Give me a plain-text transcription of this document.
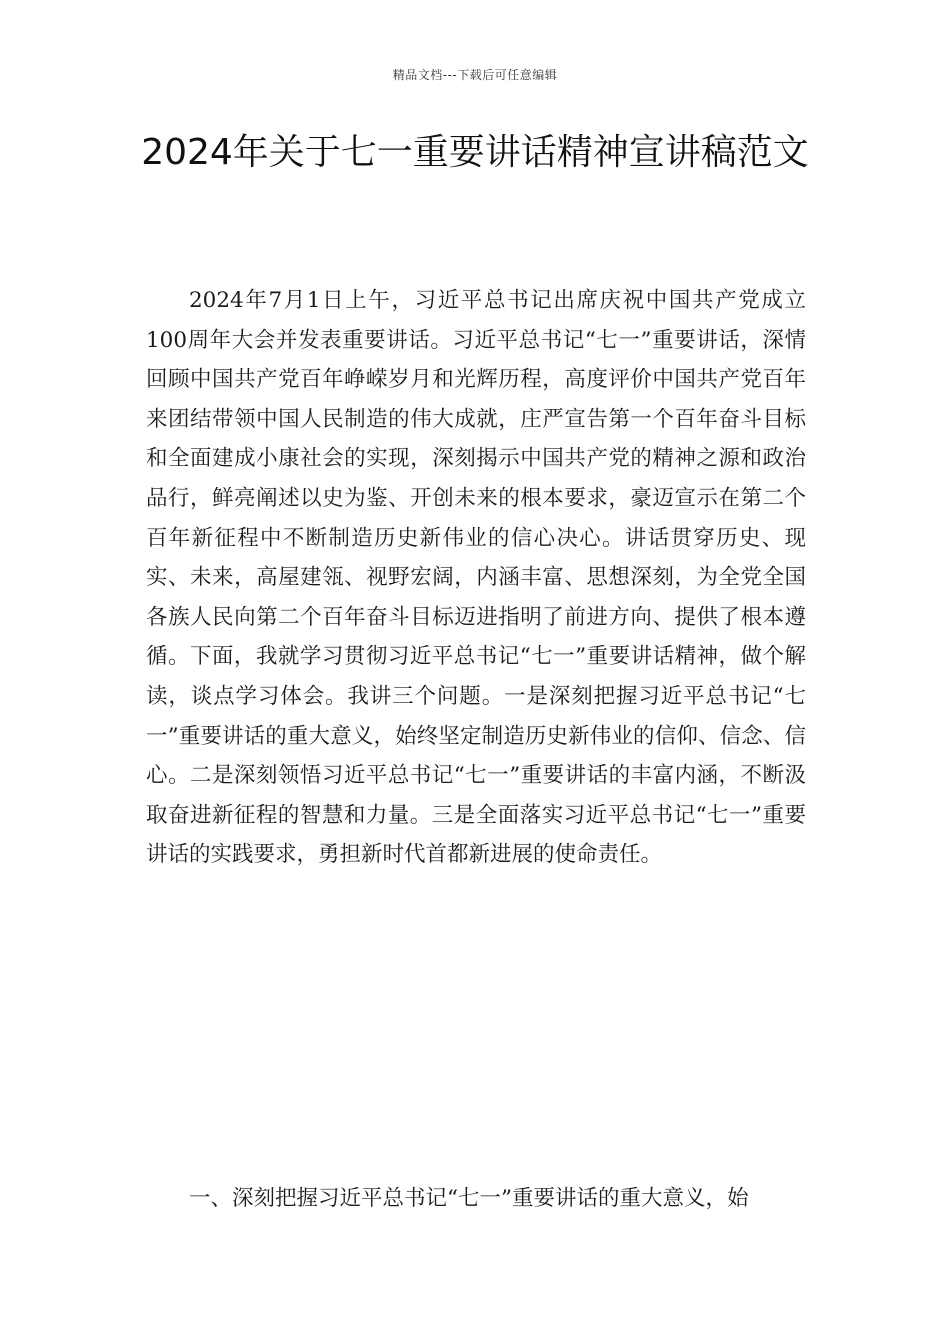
精品文档---下载后可任意编辑
2024年关于七一重要讲话精神宣讲稿范文

2024年7月1日上午，习近平总书记出席庆祝中国共产党成立100周年大会并发表重要讲话。习近平总书记“七一”重要讲话，深情回顾中国共产党百年峥嵘岁月和光辉历程，高度评价中国共产党百年来团结带领中国人民制造的伟大成就，庄严宣告第一个百年奋斗目标和全面建成小康社会的实现，深刻揭示中国共产党的精神之源和政治品行，鲜亮阐述以史为鉴、开创未来的根本要求，豪迈宣示在第二个百年新征程中不断制造历史新伟业的信心决心。讲话贯穿历史、现实、未来，高屋建瓴、视野宏阔，内涵丰富、思想深刻，为全党全国各族人民向第二个百年奋斗目标迈进指明了前进方向、提供了根本遵循。下面，我就学习贯彻习近平总书记“七一”重要讲话精神，做个解读，谈点学习体会。我讲三个问题。一是深刻把握习近平总书记“七一”重要讲话的重大意义，始终坚定制造历史新伟业的信仰、信念、信心。二是深刻领悟习近平总书记“七一”重要讲话的丰富内涵，不断汲取奋进新征程的智慧和力量。三是全面落实习近平总书记“七一”重要讲话的实践要求，勇担新时代首都新进展的使命责任。

一、深刻把握习近平总书记“七一”重要讲话的重大意义，始
